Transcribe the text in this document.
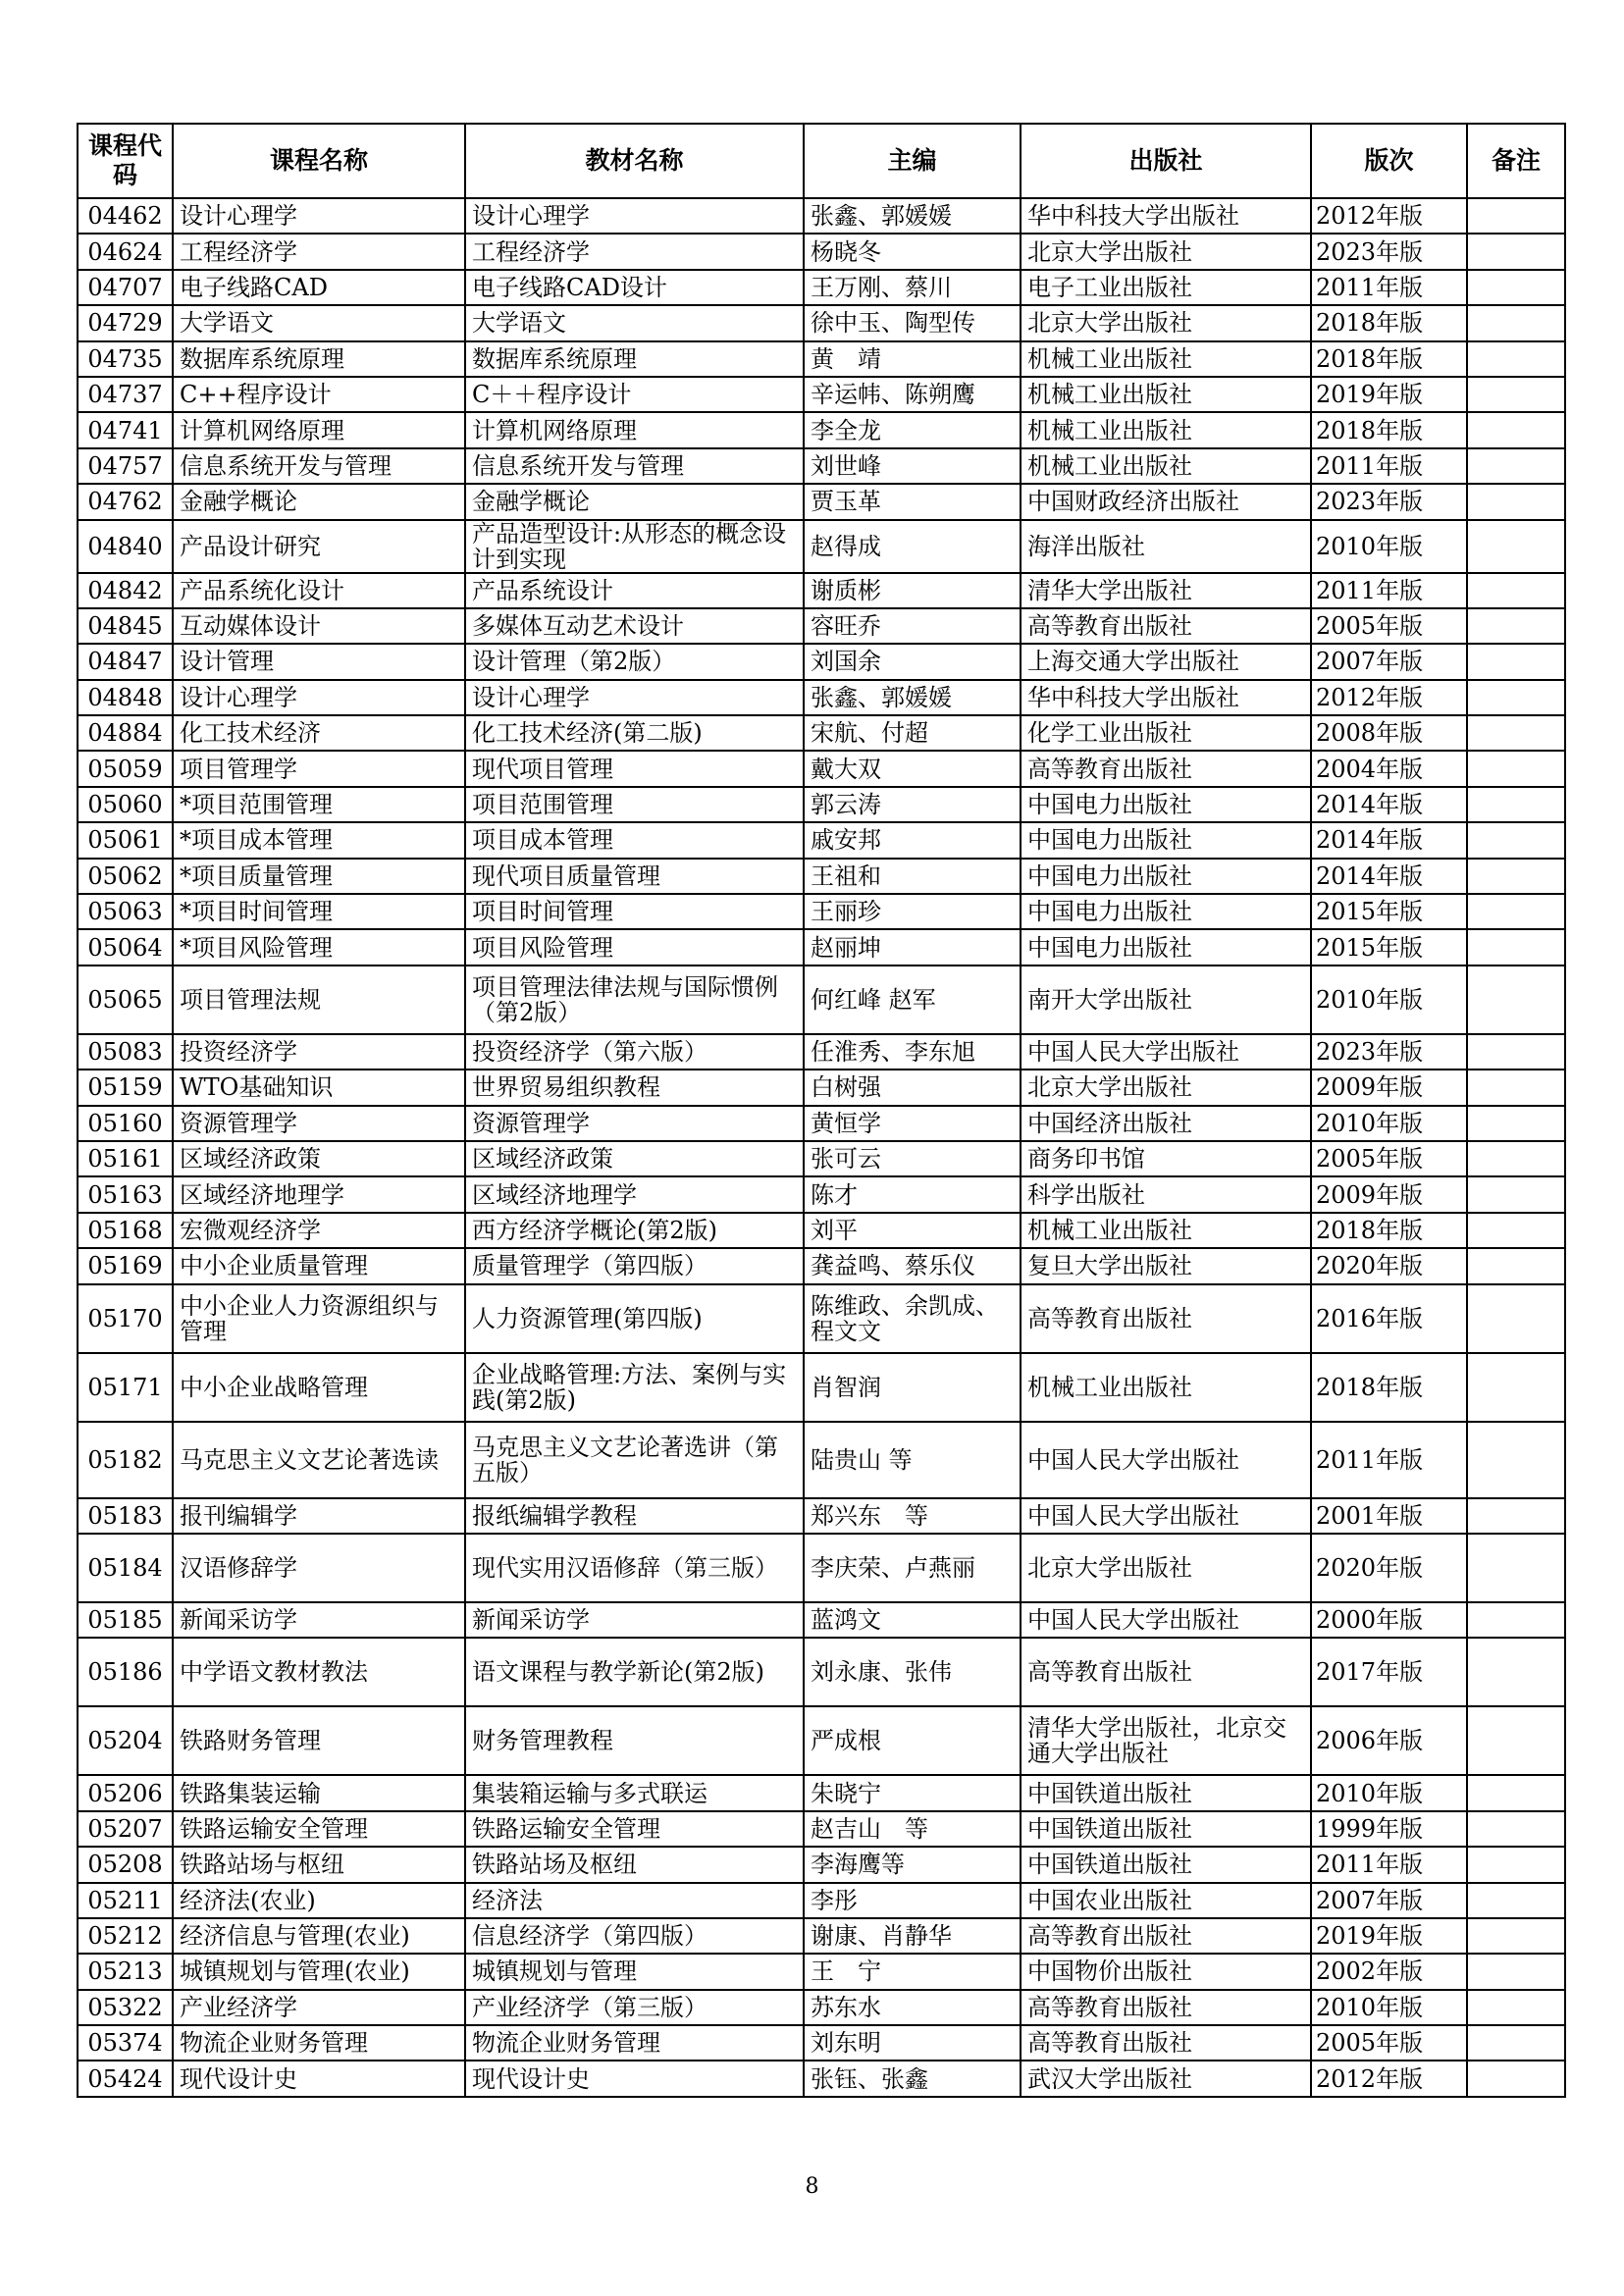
课程代码	课程名称	教材名称	主编	出版社	版次	备注
04462	设计心理学	设计心理学	张鑫、郭媛媛	华中科技大学出版社	2012年版	
04624	工程经济学	工程经济学	杨晓冬	北京大学出版社	2023年版	
04707	电子线路CAD	电子线路CAD设计	王万刚、蔡川	电子工业出版社	2011年版	
04729	大学语文	大学语文	徐中玉、陶型传	北京大学出版社	2018年版	
04735	数据库系统原理	数据库系统原理	黄　靖	机械工业出版社	2018年版	
04737	C++程序设计	C＋＋程序设计	辛运帏、陈朔鹰	机械工业出版社	2019年版	
04741	计算机网络原理	计算机网络原理	李全龙	机械工业出版社	2018年版	
04757	信息系统开发与管理	信息系统开发与管理	刘世峰	机械工业出版社	2011年版	
04762	金融学概论	金融学概论	贾玉革	中国财政经济出版社	2023年版	
04840	产品设计研究	产品造型设计:从形态的概念设计到实现	赵得成	海洋出版社	2010年版	
04842	产品系统化设计	产品系统设计	谢质彬	清华大学出版社	2011年版	
04845	互动媒体设计	多媒体互动艺术设计	容旺乔	高等教育出版社	2005年版	
04847	设计管理	设计管理（第2版）	刘国余	上海交通大学出版社	2007年版	
04848	设计心理学	设计心理学	张鑫、郭媛媛	华中科技大学出版社	2012年版	
04884	化工技术经济	化工技术经济(第二版)	宋航、付超	化学工业出版社	2008年版	
05059	项目管理学	现代项目管理	戴大双	高等教育出版社	2004年版	
05060	*项目范围管理	项目范围管理	郭云涛	中国电力出版社	2014年版	
05061	*项目成本管理	项目成本管理	戚安邦	中国电力出版社	2014年版	
05062	*项目质量管理	现代项目质量管理	王祖和	中国电力出版社	2014年版	
05063	*项目时间管理	项目时间管理	王丽珍	中国电力出版社	2015年版	
05064	*项目风险管理	项目风险管理	赵丽坤	中国电力出版社	2015年版	
05065	项目管理法规	项目管理法律法规与国际惯例（第2版）	何红峰 赵军	南开大学出版社	2010年版	
05083	投资经济学	投资经济学（第六版）	任淮秀、李东旭	中国人民大学出版社	2023年版	
05159	WTO基础知识	世界贸易组织教程	白树强	北京大学出版社	2009年版	
05160	资源管理学	资源管理学	黄恒学	中国经济出版社	2010年版	
05161	区域经济政策	区域经济政策	张可云	商务印书馆	2005年版	
05163	区域经济地理学	区域经济地理学	陈才	科学出版社	2009年版	
05168	宏微观经济学	西方经济学概论(第2版)	刘平	机械工业出版社	2018年版	
05169	中小企业质量管理	质量管理学（第四版）	龚益鸣、蔡乐仪	复旦大学出版社	2020年版	
05170	中小企业人力资源组织与管理	人力资源管理(第四版)	陈维政、余凯成、程文文	高等教育出版社	2016年版	
05171	中小企业战略管理	企业战略管理:方法、案例与实践(第2版)	肖智润	机械工业出版社	2018年版	
05182	马克思主义文艺论著选读	马克思主义文艺论著选讲（第五版）	陆贵山 等	中国人民大学出版社	2011年版	
05183	报刊编辑学	报纸编辑学教程	郑兴东　等	中国人民大学出版社	2001年版	
05184	汉语修辞学	现代实用汉语修辞（第三版）	李庆荣、卢燕丽	北京大学出版社	2020年版	
05185	新闻采访学	新闻采访学	蓝鸿文	中国人民大学出版社	2000年版	
05186	中学语文教材教法	语文课程与教学新论(第2版)	刘永康、张伟	高等教育出版社	2017年版	
05204	铁路财务管理	财务管理教程	严成根	清华大学出版社，北京交通大学出版社	2006年版	
05206	铁路集装运输	集装箱运输与多式联运	朱晓宁	中国铁道出版社	2010年版	
05207	铁路运输安全管理	铁路运输安全管理	赵吉山　等	中国铁道出版社	1999年版	
05208	铁路站场与枢纽	铁路站场及枢纽	李海鹰等	中国铁道出版社	2011年版	
05211	经济法(农业)	经济法	李彤	中国农业出版社	2007年版	
05212	经济信息与管理(农业)	信息经济学（第四版）	谢康、肖静华	高等教育出版社	2019年版	
05213	城镇规划与管理(农业)	城镇规划与管理	王　宁	中国物价出版社	2002年版	
05322	产业经济学	产业经济学（第三版）	苏东水	高等教育出版社	2010年版	
05374	物流企业财务管理	物流企业财务管理	刘东明	高等教育出版社	2005年版	
05424	现代设计史	现代设计史	张钰、张鑫	武汉大学出版社	2012年版	
8
